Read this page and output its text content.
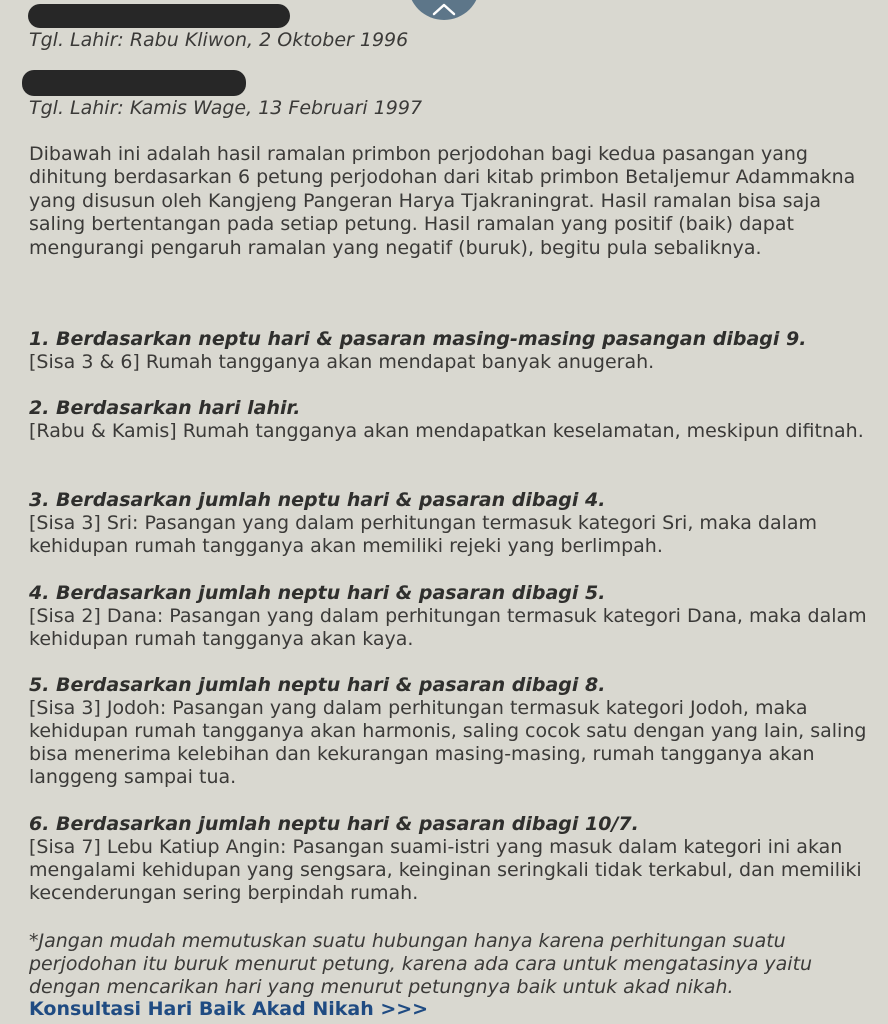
Tgl. Lahir: Rabu Kliwon, 2 Oktober 1996
Tgl. Lahir: Kamis Wage, 13 Februari 1997
Dibawah ini adalah hasil ramalan primbon perjodohan bagi kedua pasangan yang dihitung berdasarkan 6 petung perjodohan dari kitab primbon Betaljemur Adammakna yang disusun oleh Kangjeng Pangeran Harya Tjakraningrat. Hasil ramalan bisa saja saling bertentangan pada setiap petung. Hasil ramalan yang positif (baik) dapat mengurangi pengaruh ramalan yang negatif (buruk), begitu pula sebaliknya.

1. Berdasarkan neptu hari & pasaran masing-masing pasangan dibagi 9.

[Sisa 3 & 6] Rumah tangganya akan mendapat banyak anugerah.

2. Berdasarkan hari lahir.

[Rabu & Kamis] Rumah tangganya akan mendapatkan keselamatan, meskipun difitnah.

3. Berdasarkan jumlah neptu hari & pasaran dibagi 4.

[Sisa 3] Sri: Pasangan yang dalam perhitungan termasuk kategori Sri, maka dalam kehidupan rumah tangganya akan memiliki rejeki yang berlimpah.

4. Berdasarkan jumlah neptu hari & pasaran dibagi 5.

[Sisa 2] Dana: Pasangan yang dalam perhitungan termasuk kategori Dana, maka dalam kehidupan rumah tangganya akan kaya.

5. Berdasarkan jumlah neptu hari & pasaran dibagi 8.

[Sisa 3] Jodoh: Pasangan yang dalam perhitungan termasuk kategori Jodoh, maka kehidupan rumah tangganya akan harmonis, saling cocok satu dengan yang lain, saling bisa menerima kelebihan dan kekurangan masing-masing, rumah tangganya akan langgeng sampai tua.

6. Berdasarkan jumlah neptu hari & pasaran dibagi 10/7.

[Sisa 7] Lebu Katiup Angin: Pasangan suami-istri yang masuk dalam kategori ini akan mengalami kehidupan yang sengsara, keinginan seringkali tidak terkabul, dan memiliki kecenderungan sering berpindah rumah.

*Jangan mudah memutuskan suatu hubungan hanya karena perhitungan suatu perjodohan itu buruk menurut petung, karena ada cara untuk mengatasinya yaitu dengan mencarikan hari yang menurut petungnya baik untuk akad nikah.
Konsultasi Hari Baik Akad Nikah >>>
